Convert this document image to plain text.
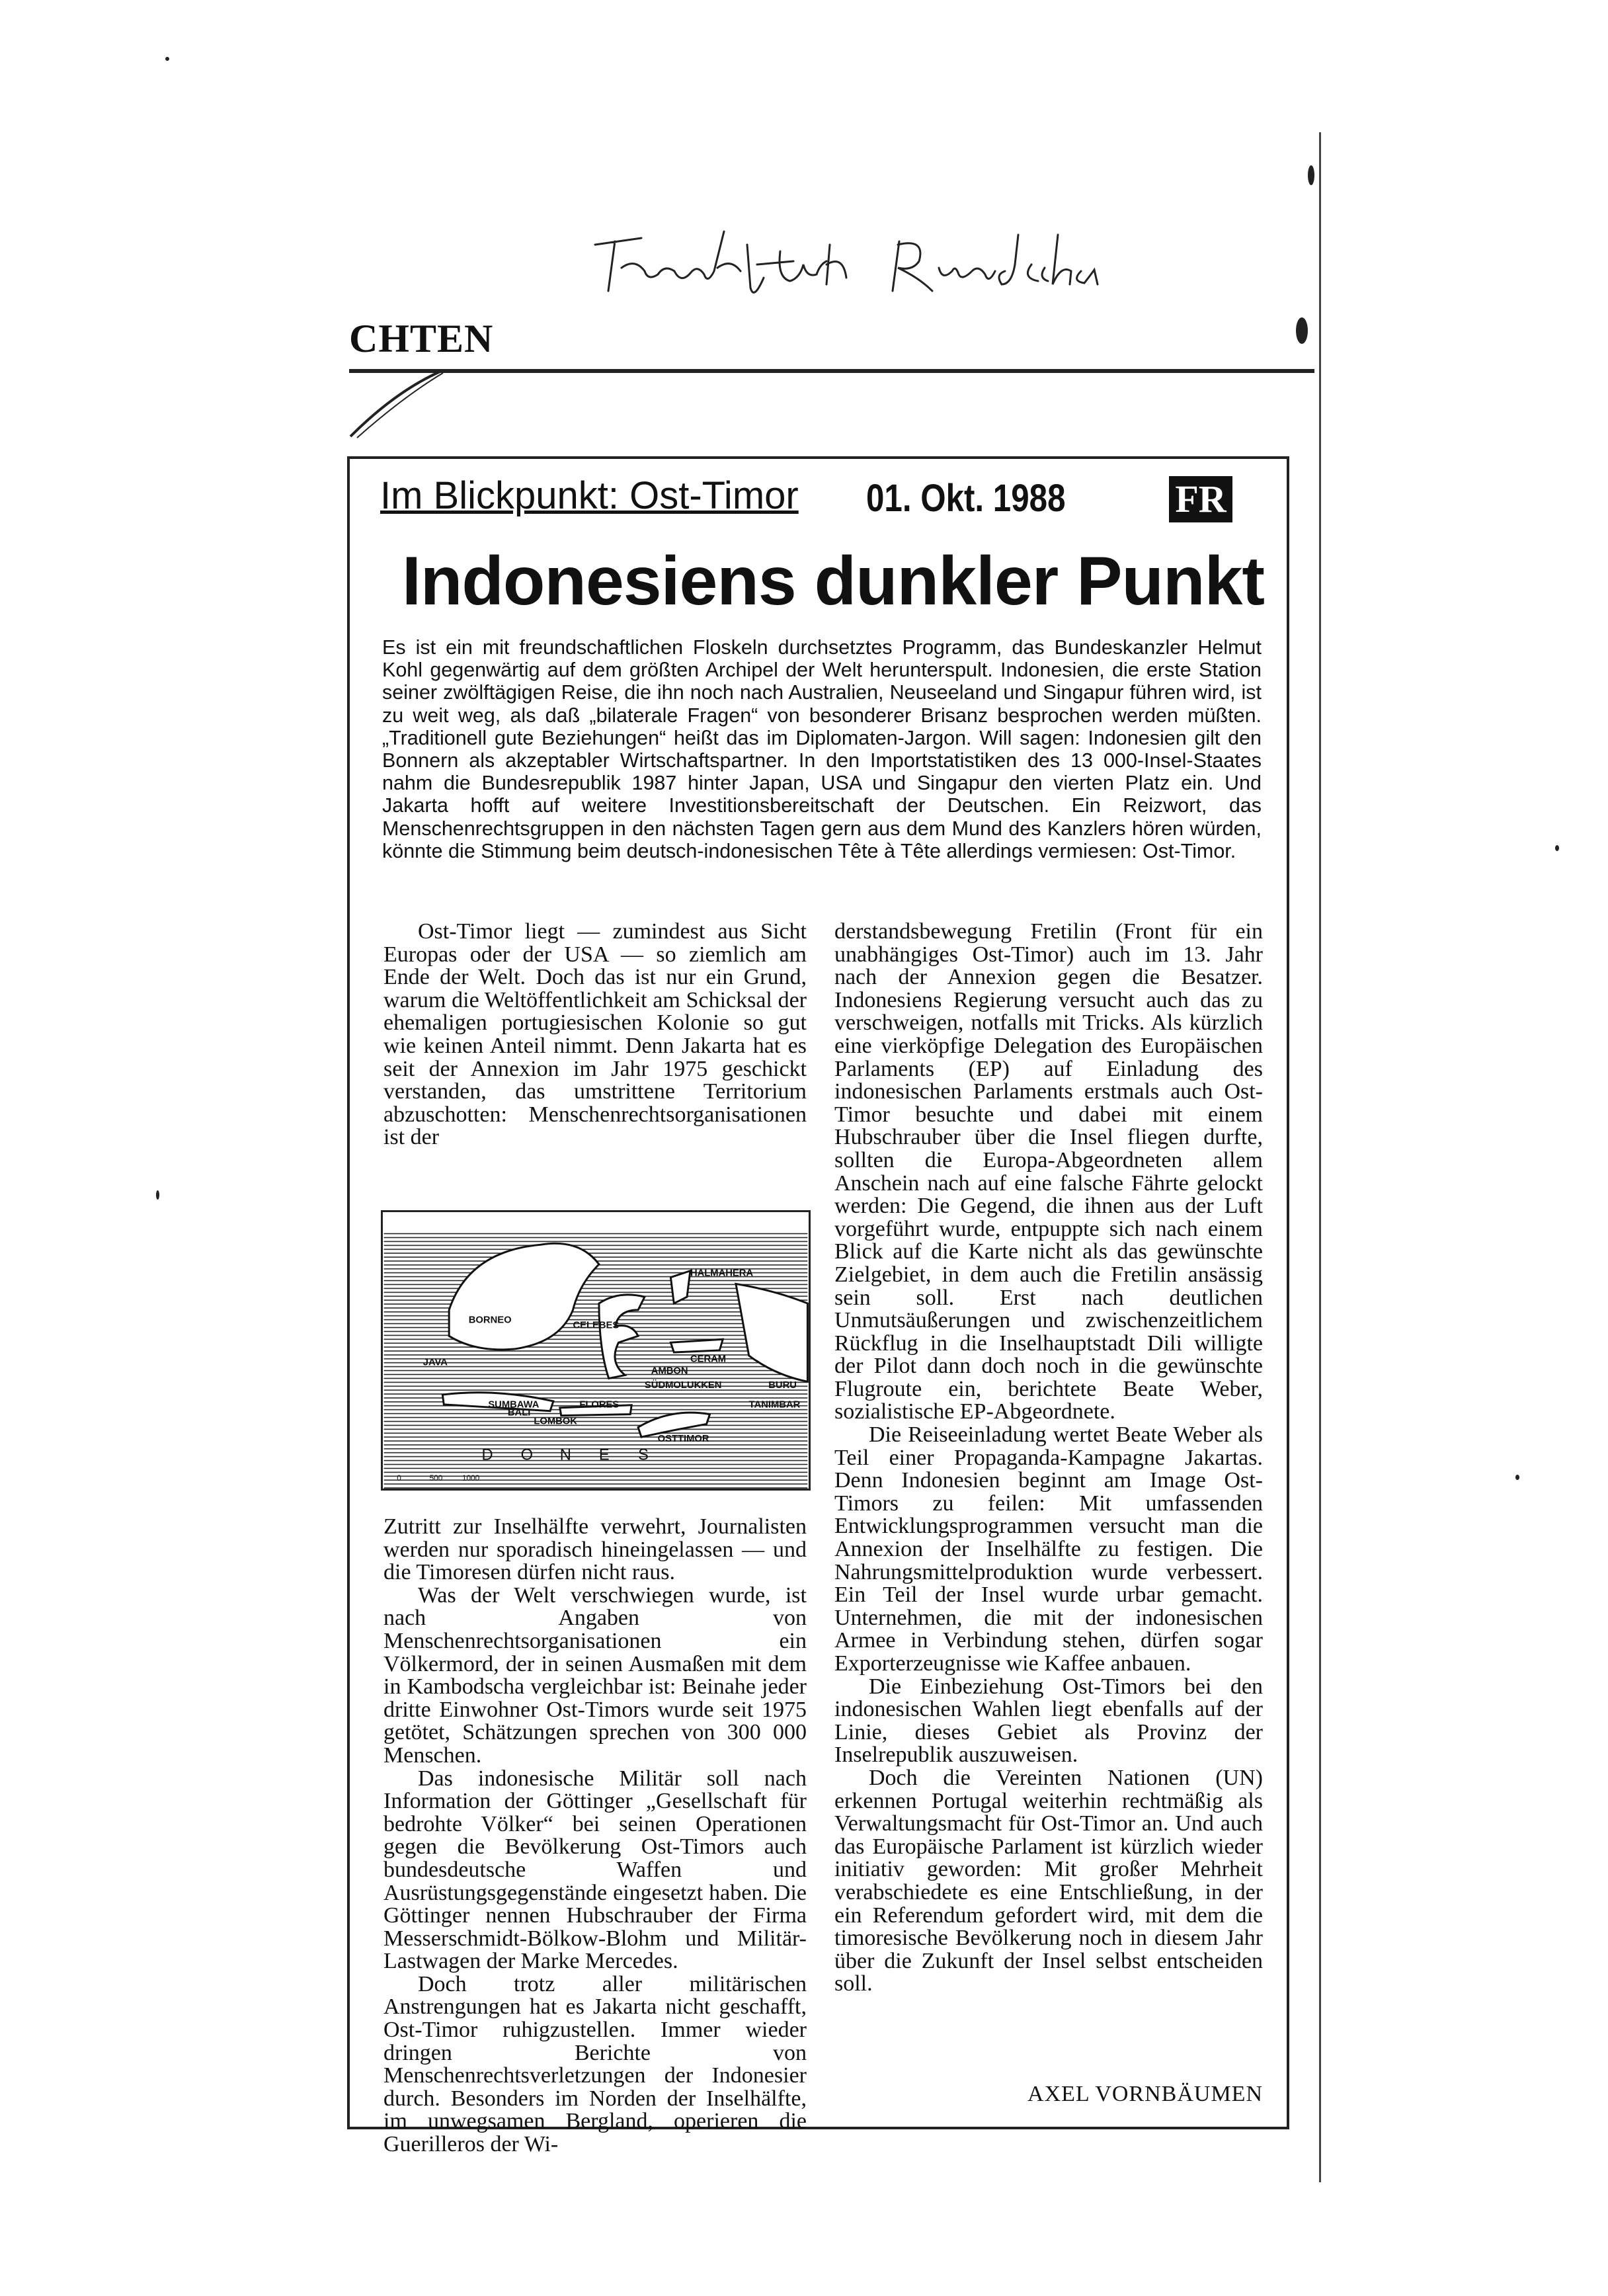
CHTEN
Im Blickpunkt: Ost-Timor 01. Okt. 1988	FR
Indonesiens dunkler Punkt
Es ist ein mit freundschaftlichen Floskeln durchsetztes Programm, das Bundeskanzler Helmut Kohl gegenwärtig auf dem größten Archipel der Welt herunterspult. Indonesien, die erste Station seiner zwölftägigen Reise, die ihn noch nach Australien, Neuseeland und Singapur führen wird, ist zu weit weg, als daß „bilaterale Fragen“ von besonderer Brisanz besprochen werden müßten. „Traditionell gute Beziehungen“ heißt das im Diplomaten-Jargon. Will sagen: Indonesien gilt den Bonnern als akzeptabler Wirtschaftspartner. In den Importstatistiken des 13 000-Insel-Staates nahm die Bundesrepublik 1987 hinter Japan, USA und Singapur den vierten Platz ein. Und Jakarta hofft auf weitere Investitionsbereitschaft der Deutschen. Ein Reizwort, das Menschenrechtsgruppen in den nächsten Tagen gern aus dem Mund des Kanzlers hören würden, könnte die Stimmung beim deutsch-indonesischen Tête à Tête allerdings vermiesen: Ost-Timor.

Ost-Timor liegt — zumindest aus Sicht Europas oder der USA — so ziemlich am Ende der Welt. Doch das ist nur ein Grund, warum die Weltöffentlichkeit am Schicksal der ehemaligen portugiesischen Kolonie so gut wie keinen Anteil nimmt. Denn Jakarta hat es seit der Annexion im Jahr 1975 geschickt verstanden, das umstrittene Territorium abzuschotten: Menschenrechtsorganisationen ist der

HALMAHERA
BORNEO	CELEBES
CERAM
AMBON
SÜDMOLUKKEN	BURU
SUMBAWA	FLORES	TANIMBAR
LOMBOK
BALI
OSTTIMOR
JAVA
D O N E S
0	500 1000

Zutritt zur Inselhälfte verwehrt, Journalisten werden nur sporadisch hineingelassen — und die Timoresen dürfen nicht raus.

Was der Welt verschwiegen wurde, ist nach Angaben von Menschenrechtsorganisationen ein Völkermord, der in seinen Ausmaßen mit dem in Kambodscha vergleichbar ist: Beinahe jeder dritte Einwohner Ost-Timors wurde seit 1975 getötet, Schätzungen sprechen von 300 000 Menschen.

Das indonesische Militär soll nach Information der Göttinger „Gesellschaft für bedrohte Völker“ bei seinen Operationen gegen die Bevölkerung Ost-Timors auch bundesdeutsche Waffen und Ausrüstungsgegenstände eingesetzt haben. Die Göttinger nennen Hubschrauber der Firma Messerschmidt-Bölkow-Blohm und Militär-Lastwagen der Marke Mercedes.

Doch trotz aller militärischen Anstrengungen hat es Jakarta nicht geschafft, Ost-Timor ruhigzustellen. Immer wieder dringen Berichte von Menschenrechtsverletzungen der Indonesier durch. Besonders im Norden der Inselhälfte, im unwegsamen Bergland, operieren die Guerilleros der Wi-

derstandsbewegung Fretilin (Front für ein unabhängiges Ost-Timor) auch im 13. Jahr nach der Annexion gegen die Besatzer. Indonesiens Regierung versucht auch das zu verschweigen, notfalls mit Tricks. Als kürzlich eine vierköpfige Delegation des Europäischen Parlaments (EP) auf Einladung des indonesischen Parlaments erstmals auch Ost-Timor besuchte und dabei mit einem Hubschrauber über die Insel fliegen durfte, sollten die Europa-Abgeordneten allem Anschein nach auf eine falsche Fährte gelockt werden: Die Gegend, die ihnen aus der Luft vorgeführt wurde, entpuppte sich nach einem Blick auf die Karte nicht als das gewünschte Zielgebiet, in dem auch die Fretilin ansässig sein soll. Erst nach deutlichen Unmutsäußerungen und zwischenzeitlichem Rückflug in die Inselhauptstadt Dili willigte der Pilot dann doch noch in die gewünschte Flugroute ein, berichtete Beate Weber, sozialistische EP-Abgeordnete.

Die Reiseeinladung wertet Beate Weber als Teil einer Propaganda-Kampagne Jakartas. Denn Indonesien beginnt am Image Ost-Timors zu feilen: Mit umfassenden Entwicklungsprogrammen versucht man die Annexion der Inselhälfte zu festigen. Die Nahrungsmittelproduktion wurde verbessert. Ein Teil der Insel wurde urbar gemacht. Unternehmen, die mit der indonesischen Armee in Verbindung stehen, dürfen sogar Exporterzeugnisse wie Kaffee anbauen.

Die Einbeziehung Ost-Timors bei den indonesischen Wahlen liegt ebenfalls auf der Linie, dieses Gebiet als Provinz der Inselrepublik auszuweisen.

Doch die Vereinten Nationen (UN) erkennen Portugal weiterhin rechtmäßig als Verwaltungsmacht für Ost-Timor an. Und auch das Europäische Parlament ist kürzlich wieder initiativ geworden: Mit großer Mehrheit verabschiedete es eine Entschließung, in der ein Referendum gefordert wird, mit dem die timoresische Bevölkerung noch in diesem Jahr über die Zukunft der Insel selbst entscheiden soll.

AXEL VORNBÄUMEN
